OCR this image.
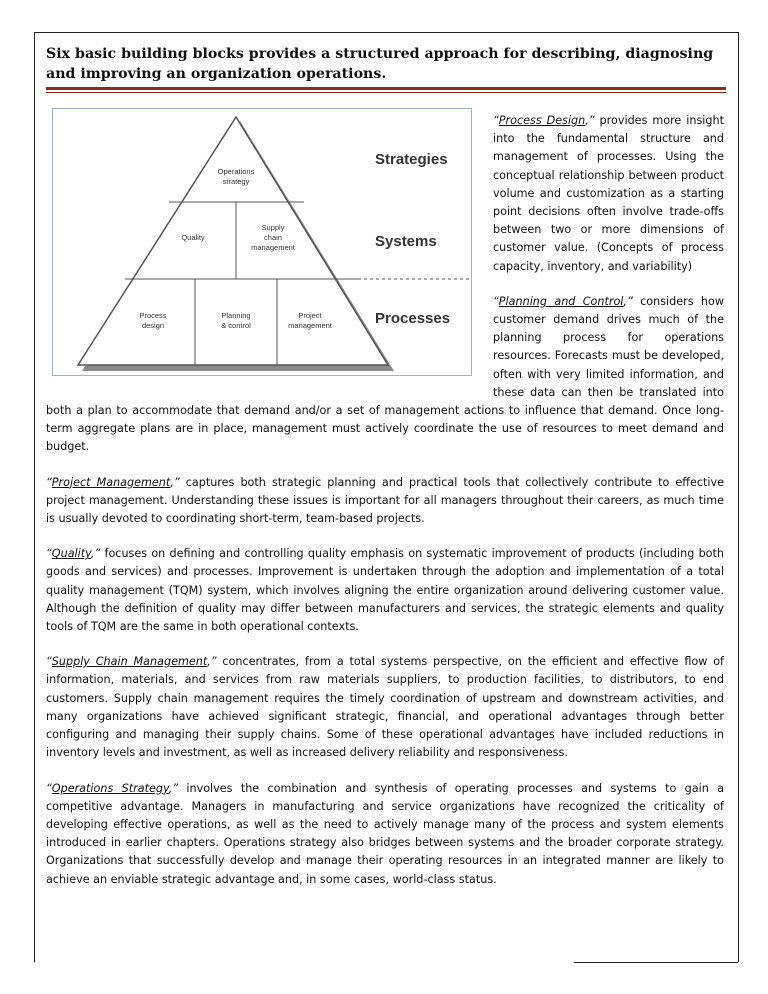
Six basic building blocks provides a structured approach for describing, diagnosing and improving an organization operations.
Operations
strategy
Quality
Supply
chain
management
Process
design
Planning
& control
Project
management
Strategies
Systems
Processes

“Process Design,” provides more insight into the fundamental structure and management of processes. Using the conceptual relationship between product volume and customization as a starting point decisions often involve trade-offs between two or more dimensions of customer value. (Concepts of process capacity, inventory, and variability)

“Planning and Control,” considers how customer demand drives much of the planning process for operations resources. Forecasts must be developed, often with very limited information, and these data can then be translated into both a plan to accommodate that demand and/or a set of management actions to influence that demand. Once long-term aggregate plans are in place, management must actively coordinate the use of resources to meet demand and budget.

“Project Management,” captures both strategic planning and practical tools that collectively contribute to effective project management. Understanding these issues is important for all managers throughout their careers, as much time is usually devoted to coordinating short-term, team-based projects.

“Quality,” focuses on defining and controlling quality emphasis on systematic improvement of products (including both goods and services) and processes. Improvement is undertaken through the adoption and implementation of a total quality management (TQM) system, which involves aligning the entire organization around delivering customer value. Although the definition of quality may differ between manufacturers and services, the strategic elements and quality tools of TQM are the same in both operational contexts.

“Supply Chain Management,” concentrates, from a total systems perspective, on the efficient and effective flow of information, materials, and services from raw materials suppliers, to production facilities, to distributors, to end customers. Supply chain management requires the timely coordination of upstream and downstream activities, and many organizations have achieved significant strategic, financial, and operational advantages through better configuring and managing their supply chains. Some of these operational advantages have included reductions in inventory levels and investment, as well as increased delivery reliability and responsiveness.

“Operations Strategy,” involves the combination and synthesis of operating processes and systems to gain a competitive advantage. Managers in manufacturing and service organizations have recognized the criticality of developing effective operations, as well as the need to actively manage many of the process and system elements introduced in earlier chapters. Operations strategy also bridges between systems and the broader corporate strategy. Organizations that successfully develop and manage their operating resources in an integrated manner are likely to achieve an enviable strategic advantage and, in some cases, world-class status.
